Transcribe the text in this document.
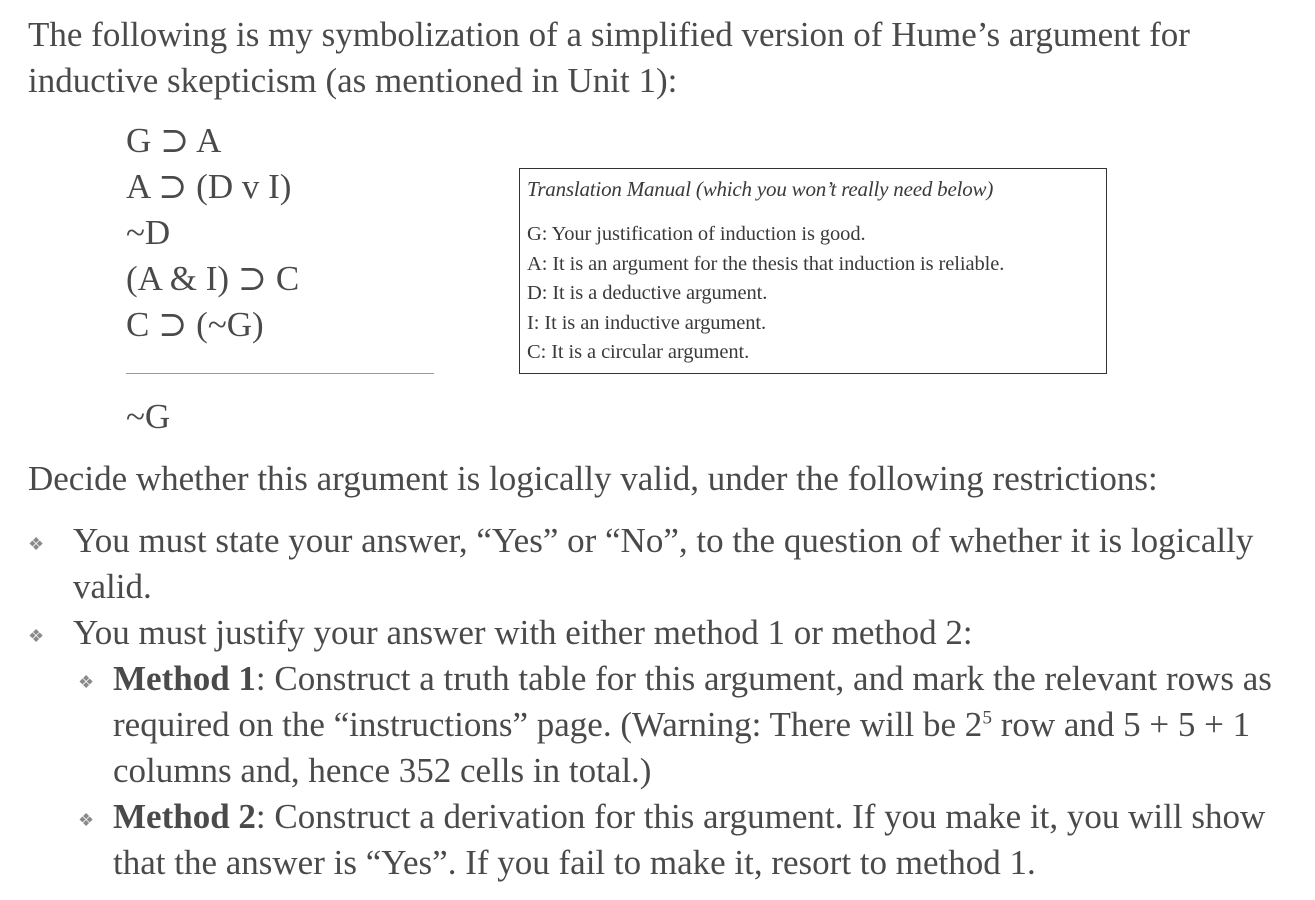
The following is my symbolization of a simplified version of Hume’s argument for inductive skepticism (as mentioned in Unit 1):
G ⊃ A
A ⊃ (D v I)
~D
(A & I) ⊃ C
C ⊃ (~G)
~G
Translation Manual (which you won’t really need below)
G: Your justification of induction is good.
A: It is an argument for the thesis that induction is reliable.
D: It is a deductive argument.
I: It is an inductive argument.
C: It is a circular argument.
Decide whether this argument is logically valid, under the following restrictions:
❖ You must state your answer, “Yes” or “No”, to the question of whether it is logically valid.
❖ You must justify your answer with either method 1 or method 2:
❖ Method 1: Construct a truth table for this argument, and mark the relevant rows as required on the “instructions” page. (Warning: There will be $2^5$ row and 5 + 5 + 1 columns and, hence 352 cells in total.)
❖ Method 2: Construct a derivation for this argument. If you make it, you will show that the answer is “Yes”. If you fail to make it, resort to method 1.
